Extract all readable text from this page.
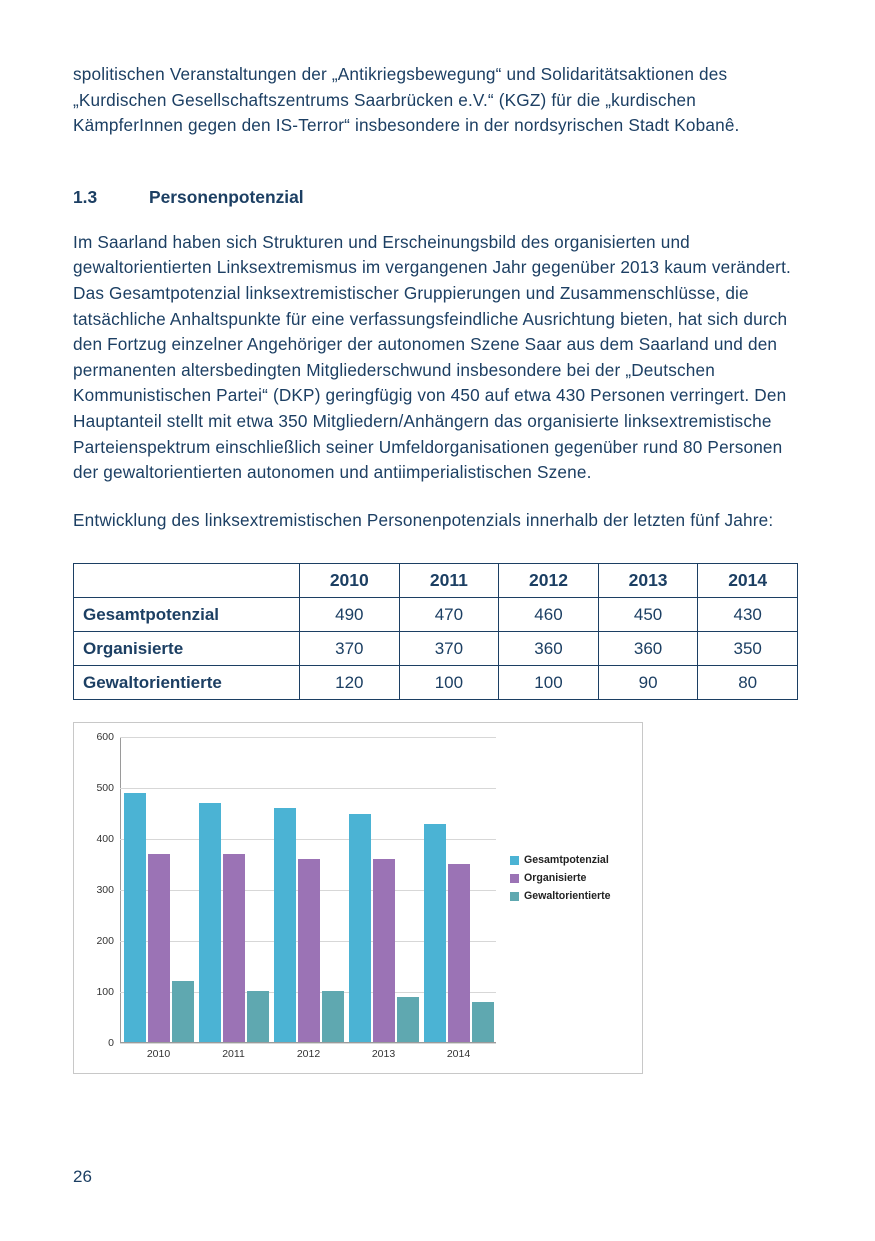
spolitischen Veranstaltungen der „Antikriegsbewegung“ und Solidaritätsaktionen des „Kurdischen Gesellschaftszentrums Saarbrücken e.V.“ (KGZ) für die „kurdischen KämpferInnen gegen den IS-Terror“ insbesondere in der nordsyrischen Stadt Kobanê.

1.3	Personenpotenzial

Im Saarland haben sich Strukturen und Erscheinungsbild des organisierten und gewaltorientierten Linksextremismus im vergangenen Jahr gegenüber 2013 kaum verändert. Das Gesamtpotenzial linksextremistischer Gruppierungen und Zusammenschlüsse, die tatsächliche Anhaltspunkte für eine verfassungsfeindliche Ausrichtung bieten, hat sich durch den Fortzug einzelner Angehöriger der autonomen Szene Saar aus dem Saarland und den permanenten altersbedingten Mitgliederschwund insbesondere bei der „Deutschen Kommunistischen Partei“ (DKP) geringfügig von 450 auf etwa 430 Personen verringert. Den Hauptanteil stellt mit etwa 350 Mitgliedern/Anhängern das organisierte linksextremistische Parteienspektrum einschließlich seiner Umfeldorganisationen gegenüber rund 80 Personen der gewaltorientierten autonomen und antiimperialistischen Szene.

Entwicklung des linksextremistischen Personenpotenzials innerhalb der letzten fünf Jahre:

	2010	2011	2012	2013	2014
Gesamtpotenzial	490	470	460	450	430
Organisierte	370	370	360	360	350
Gewaltorientierte	120	100	100	90	80
0
100
200
300
400
500
600
2010	2011	2012	2013	2014
Gesamtpotenzial
Organisierte
Gewaltorientierte
26
